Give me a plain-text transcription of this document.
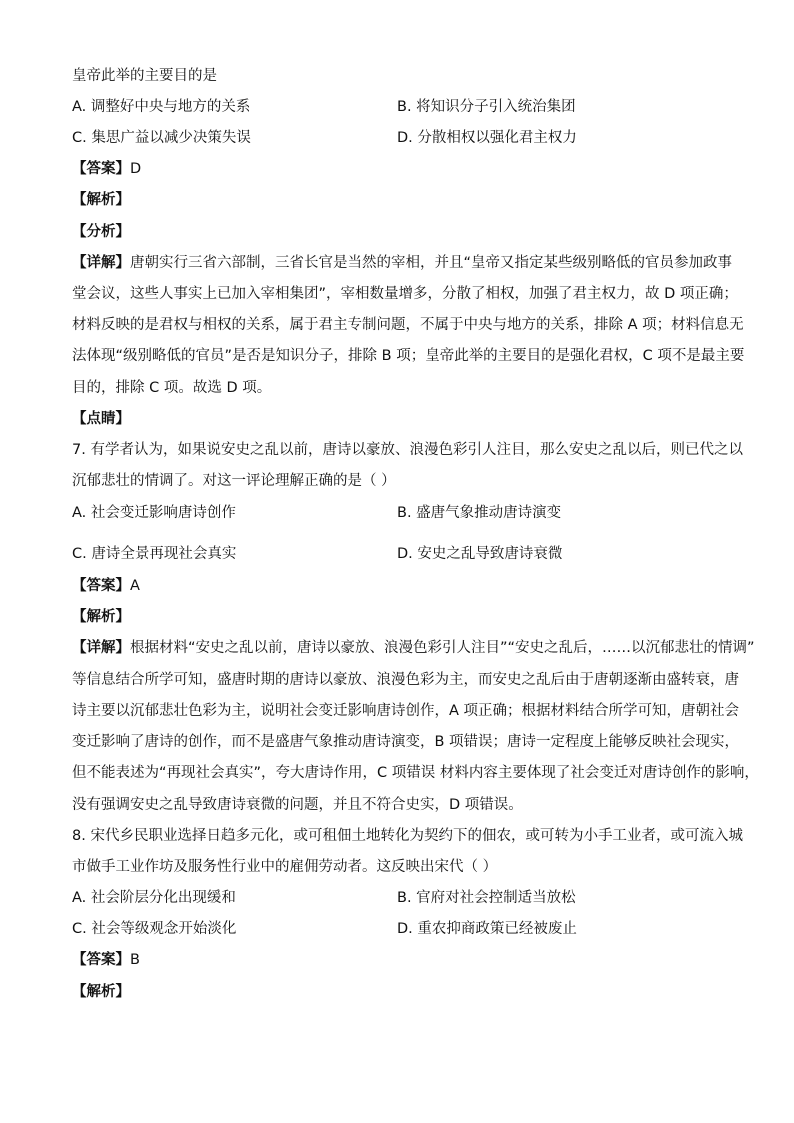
皇帝此举的主要目的是
A. 调整好中央与地方的关系	B. 将知识分子引入统治集团
C. 集思广益以减少决策失误	D. 分散相权以强化君主权力
【答案】D
【解析】
【分析】
【详解】唐朝实行三省六部制，三省长官是当然的宰相，并且“皇帝又指定某些级别略低的官员参加政事
堂会议，这些人事实上已加入宰相集团”，宰相数量增多，分散了相权，加强了君主权力，故 D 项正确；
材料反映的是君权与相权的关系，属于君主专制问题，不属于中央与地方的关系，排除 A 项；材料信息无
法体现“级别略低的官员”是否是知识分子，排除 B 项；皇帝此举的主要目的是强化君权，C 项不是最主要
目的，排除 C 项。故选 D 项。
【点睛】
7. 有学者认为，如果说安史之乱以前，唐诗以豪放、浪漫色彩引人注目，那么安史之乱以后，则已代之以
沉郁悲壮的情调了。对这一评论理解正确的是（ ）
A. 社会变迁影响唐诗创作	B. 盛唐气象推动唐诗演变
C. 唐诗全景再现社会真实	D. 安史之乱导致唐诗衰微
【答案】A
【解析】
【详解】根据材料“安史之乱以前，唐诗以豪放、浪漫色彩引人注目”“安史之乱后，……以沉郁悲壮的情调”
等信息结合所学可知，盛唐时期的唐诗以豪放、浪漫色彩为主，而安史之乱后由于唐朝逐渐由盛转衰，唐
诗主要以沉郁悲壮色彩为主，说明社会变迁影响唐诗创作，A 项正确；根据材料结合所学可知，唐朝社会
变迁影响了唐诗的创作，而不是盛唐气象推动唐诗演变，B 项错误；唐诗一定程度上能够反映社会现实，
但不能表述为“再现社会真实”，夸大唐诗作用，C 项错误 材料内容主要体现了社会变迁对唐诗创作的影响，
没有强调安史之乱导致唐诗衰微的问题，并且不符合史实，D 项错误。
8. 宋代乡民职业选择日趋多元化，或可租佃土地转化为契约下的佃农，或可转为小手工业者，或可流入城
市做手工业作坊及服务性行业中的雇佣劳动者。这反映出宋代（ ）
A. 社会阶层分化出现缓和	B. 官府对社会控制适当放松
C. 社会等级观念开始淡化	D. 重农抑商政策已经被废止
【答案】B
【解析】
